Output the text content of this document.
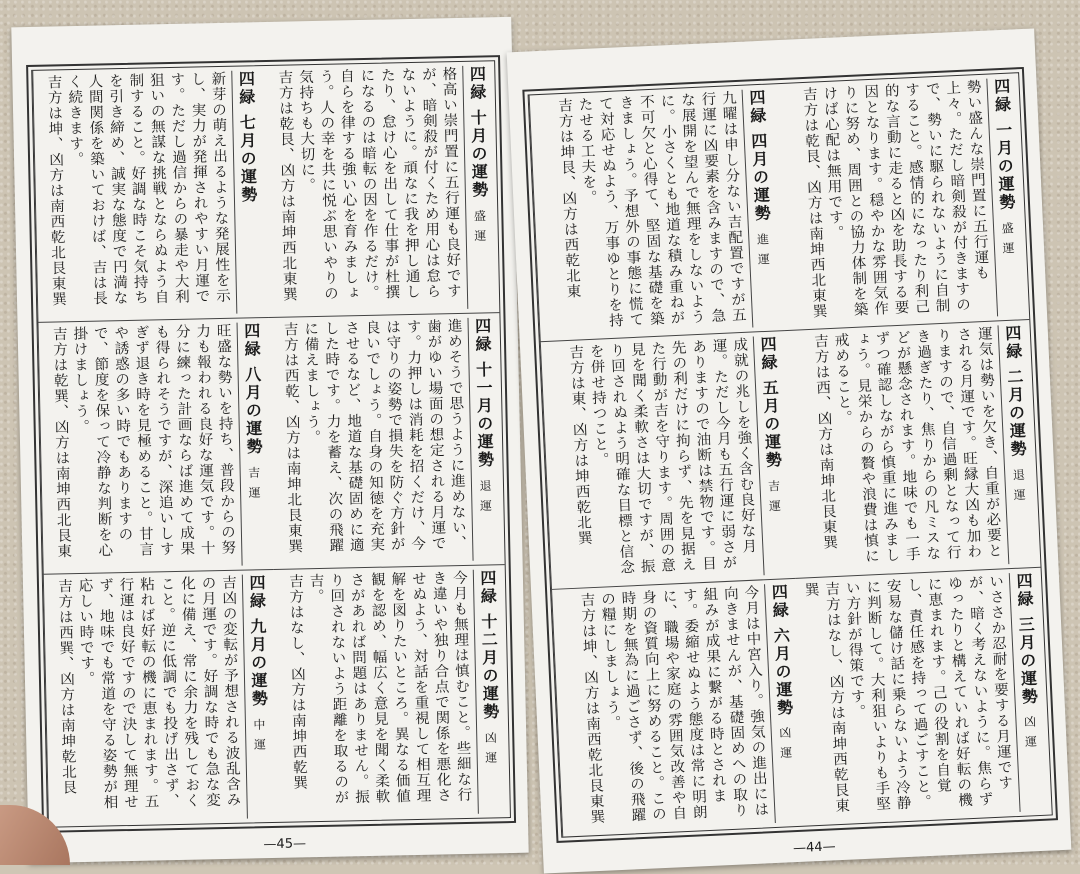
四緑 七月の運勢
新芽の萌え出るような発展性を示し、実力が発揮されやすい月運です。ただし過信からの暴走や大利狙いの無謀な挑戦とならぬよう自制すること。好調な時こそ気持ちを引き締め、誠実な態度で円満な人間関係を築いておけば、吉は長く続きます。
吉方は坤、凶方は南西乾北艮東巽	四緑 十月の運勢盛 運
格高い崇門置に五行運も良好ですが、暗剣殺が付くため用心は怠らないように。頑なに我を押し通したり、怠け心を出して仕事が杜撰になるのは暗転の因を作るだけ。自らを律する強い心を育みましょう。人の幸を共に悦ぶ思いやりの気持ちも大切に。
吉方は乾艮、凶方は南坤西北東巽
四緑 八月の運勢吉 運
旺盛な勢いを持ち、普段からの努力も報われる良好な運気です。十分に練った計画ならば進めて成果も得られそうですが、深追いしすぎず退き時を見極めること。甘言や誘惑の多い時でもありますので、節度を保って冷静な判断を心掛けましょう。
吉方は乾巽、凶方は南坤西北艮東	四緑 十一月の運勢退 運
進めそうで思うように進めない、歯がゆい場面の想定される月運です。力押しは消耗を招くだけ、今は守りの姿勢で損失を防ぐ方針が良いでしょう。自身の知徳を充実させるなど、地道な基礎固めに適した時です。力を蓄え、次の飛躍に備えましょう。
吉方は西乾、凶方は南坤北艮東巽
四緑 九月の運勢中 運
吉凶の変転が予想される波乱含みの月運です。好調な時でも急な変化に備え、常に余力を残しておくこと。逆に低調でも投げ出さず、粘れば好転の機に恵まれます。五行運は良好ですので決して無理せず、地味でも常道を守る姿勢が相応しい時です。
吉方は西巽、凶方は南坤乾北艮	四緑 十二月の運勢凶 運
今月も無理は慎むこと。些細な行き違いや独り合点で関係を悪化させぬよう、対話を重視して相互理解を図りたいところ。異なる価値観を認め、幅広く意見を聞く柔軟さがあれば問題はありません。振り回されないよう距離を取るのが吉。
吉方はなし、凶方は南坤西乾巽
—45—
四緑 四月の運勢進 運
九曜は申し分ない吉配置ですが五行運に凶要素を含みますので、急な展開を望んで無理をしないように。小さくとも地道な積み重ねが不可欠と心得て、堅固な基礎を築きましょう。予想外の事態に慌てて対応せぬよう、万事ゆとりを持たせる工夫を。
吉方は坤艮、凶方は西乾北東	四緑 一月の運勢盛 運
勢い盛んな崇門置に五行運も上々。ただし暗剣殺が付きますので、勢いに駆られないように自制すること。感情的になったり利己的な言動に走ると凶を助長する要因となります。穏やかな雰囲気作りに努め、周囲との協力体制を築けば心配は無用です。
吉方は乾艮、凶方は南坤西北東巽
四緑 五月の運勢吉 運
成就の兆しを強く含む良好な月運。ただし今月も五行運に弱さがありますので油断は禁物です。目先の利だけに拘らず、先を見据えた行動が吉を守ります。周囲の意見を聞く柔軟さは大切ですが、振り回されぬよう明確な目標と信念を併せ持つこと。
吉方は東、凶方は坤西乾北巽	四緑 二月の運勢退 運
運気は勢いを欠き、自重が必要とされる月運です。旺縁大凶も加わりますので、自信過剰となって行き過ぎたり、焦りからの凡ミスなどが懸念されます。地味でも一手ずつ確認しながら慎重に進みましょう。見栄からの贅や浪費は慎に戒めること。
吉方は西、凶方は南坤北艮東巽
四緑 六月の運勢凶 運
今月は中宮入り。強気の進出には向きませんが、基礎固めへの取り組みが成果に繋がる時とされます。委縮せぬよう態度は常に明朗に、職場や家庭の雰囲気改善や自身の資質向上に努めること。この時期を無為に過ごさず、後の飛躍の糧にしましょう。
吉方は坤、凶方は南西乾北艮東巽	四緑 三月の運勢凶 運
いささか忍耐を要する月運ですが、暗く考えないように。焦らずゆったりと構えていれば好転の機に恵まれます。己の役割を自覚し、責任感を持って過ごすこと。安易な儲け話に乗らないよう冷静に判断して。大利狙いよりも手堅い方針が得策です。
吉方はなし、凶方は南坤西乾艮東巽
—44—
